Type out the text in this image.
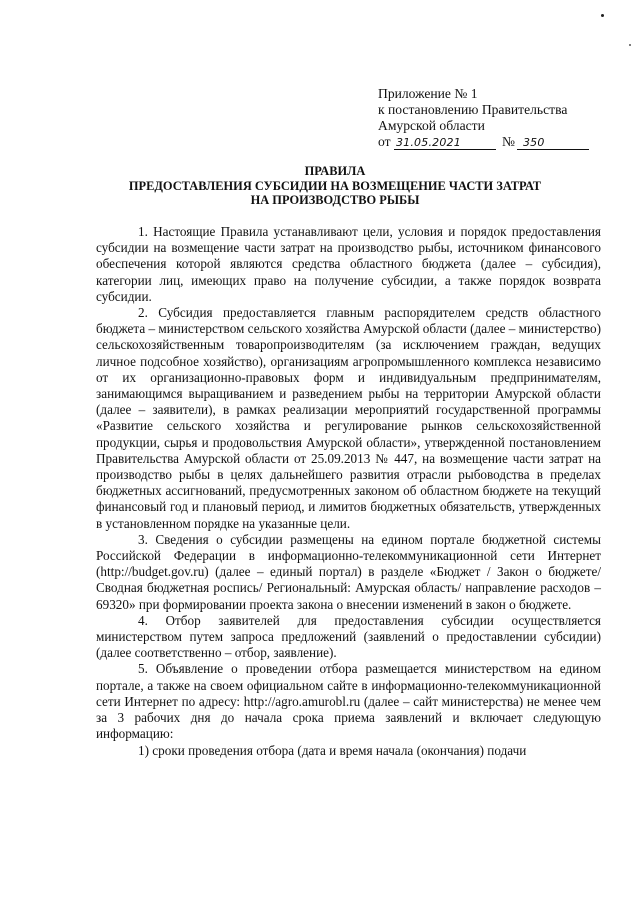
Приложение № 1
к постановлению Правительства
Амурской области
от 31.05.2021	№ 350
ПРАВИЛА
ПРЕДОСТАВЛЕНИЯ СУБСИДИИ НА ВОЗМЕЩЕНИЕ ЧАСТИ ЗАТРАТ
НА ПРОИЗВОДСТВО РЫБЫ

1. Настоящие Правила устанавливают цели, условия и порядок предоставления субсидии на возмещение части затрат на производство рыбы, источником финансового обеспечения которой являются средства областного бюджета (далее – субсидия), категории лиц, имеющих право на получение субсидии, а также порядок возврата субсидии.

2. Субсидия предоставляется главным распорядителем средств областного бюджета – министерством сельского хозяйства Амурской области (далее – министерство) сельскохозяйственным товаропроизводителям (за исключением граждан, ведущих личное подсобное хозяйство), организациям агропромышленного комплекса независимо от их организационно-правовых форм и индивидуальным предпринимателям, занимающимся выращиванием и разведением рыбы на территории Амурской области (далее – заявители), в рамках реализации мероприятий государственной программы «Развитие сельского хозяйства и регулирование рынков сельскохозяйственной продукции, сырья и продовольствия Амурской области», утвержденной постановлением Правительства Амурской области от 25.09.2013 № 447, на возмещение части затрат на производство рыбы в целях дальнейшего развития отрасли рыбоводства в пределах бюджетных ассигнований, предусмотренных законом об областном бюджете на текущий финансовый год и плановый период, и лимитов бюджетных обязательств, утвержденных в установленном порядке на указанные цели.

3. Сведения о субсидии размещены на едином портале бюджетной системы Российской Федерации в информационно-телекоммуникационной сети Интернет (http://budget.gov.ru) (далее – единый портал) в разделе «Бюджет / Закон о бюджете/ Сводная бюджетная роспись/ Региональный: Амурская область/ направление расходов – 69320» при формировании проекта закона о внесении изменений в закон о бюджете.

4. Отбор заявителей для предоставления субсидии осуществляется министерством путем запроса предложений (заявлений о предоставлении субсидии) (далее соответственно – отбор, заявление).

5. Объявление о проведении отбора размещается министерством на едином портале, а также на своем официальном сайте в информационно-телекоммуникационной сети Интернет по адресу: http://agro.amurobl.ru (далее – сайт министерства) не менее чем за 3 рабочих дня до начала срока приема заявлений и включает следующую информацию:

1) сроки проведения отбора (дата и время начала (окончания) подачи
